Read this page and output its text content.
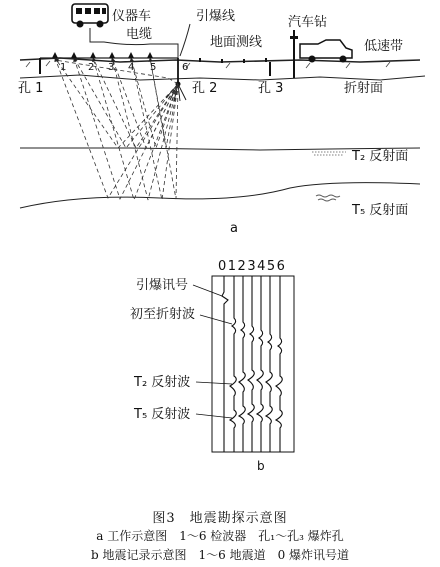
仪器车
电缆
引爆线
1 2 3 4 5	6
地面测线
汽车钻
低速带
折射面
孔 1	孔 2	孔 3
T₂ 反射面
T₅ 反射面
a
0123456
引爆讯号
初至折射波
T₂ 反射波
T₅ 反射波
b
图3　地震勘探示意图
a 工作示意图　1～6 检波器　孔₁～孔₃ 爆炸孔
b 地震记录示意图　1～6 地震道　0 爆炸讯号道
